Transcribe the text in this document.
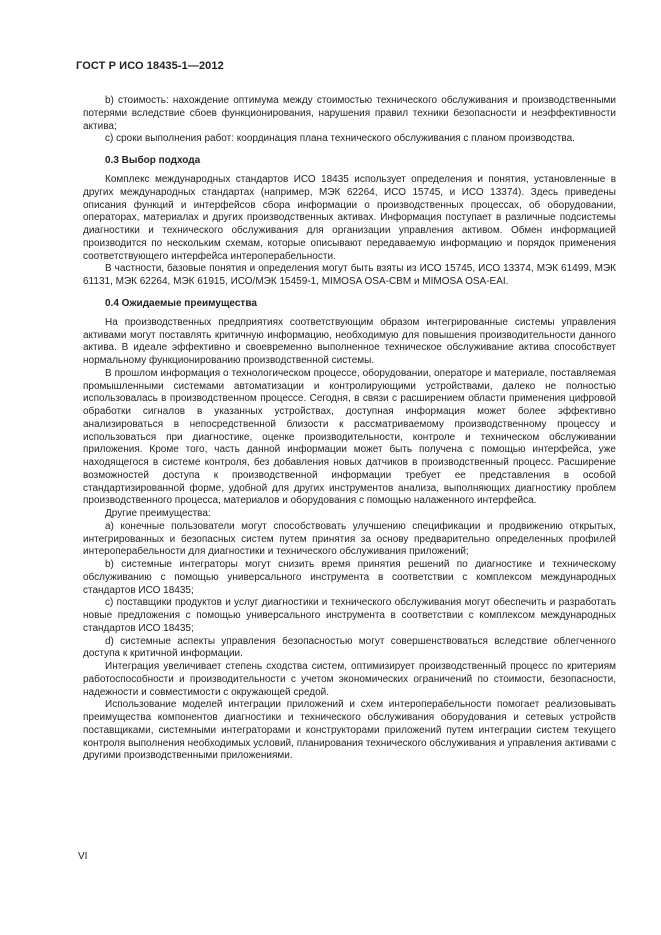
ГОСТ Р ИСО 18435-1—2012

b) стоимость: нахождение оптимума между стоимостью технического обслуживания и производственными потерями вследствие сбоев функционирования, нарушения правил техники безопасности и неэффективности актива;

c) сроки выполнения работ: координация плана технического обслуживания с планом производства.

0.3 Выбор подхода

Комплекс международных стандартов ИСО 18435 использует определения и понятия, установленные в других международных стандартах (например, МЭК 62264, ИСО 15745, и ИСО 13374). Здесь приведены описания функций и интерфейсов сбора информации о производственных процессах, об оборудовании, операторах, материалах и других производственных активах. Информация поступает в различные подсистемы диагностики и технического обслуживания для организации управления активом. Обмен информацией производится по нескольким схемам, которые описывают передаваемую информацию и порядок применения соответствующего интерфейса интероперабельности.

В частности, базовые понятия и определения могут быть взяты из ИСО 15745, ИСО 13374, МЭК 61499, МЭК 61131, МЭК 62264, МЭК 61915, ИСО/МЭК 15459-1, MIMOSA OSA-CBM и MIMOSA OSA-EAI.

0.4 Ожидаемые преимущества

На производственных предприятиях соответствующим образом интегрированные системы управления активами могут поставлять критичную информацию, необходимую для повышения производительности данного актива. В идеале эффективно и своевременно выполненное техническое обслуживание актива способствует нормальному функционированию производственной системы.

В прошлом информация о технологическом процессе, оборудовании, операторе и материале, поставляемая промышленными системами автоматизации и контролирующими устройствами, далеко не полностью использовалась в производственном процессе. Сегодня, в связи с расширением области применения цифровой обработки сигналов в указанных устройствах, доступная информация может более эффективно анализироваться в непосредственной близости к рассматриваемому производственному процессу и использоваться при диагностике, оценке производительности, контроле и техническом обслуживании приложения. Кроме того, часть данной информации может быть получена с помощью интерфейса, уже находящегося в системе контроля, без добавления новых датчиков в производственный процесс. Расширение возможностей доступа к производственной информации требует ее представления в особой стандартизированной форме, удобной для других инструментов анализа, выполняющих диагностику проблем производственного процесса, материалов и оборудования с помощью налаженного интерфейса.

Другие преимущества:

a) конечные пользователи могут способствовать улучшению спецификации и продвижению открытых, интегрированных и безопасных систем путем принятия за основу предварительно определенных профилей интероперабельности для диагностики и технического обслуживания приложений;

b) системные интеграторы могут снизить время принятия решений по диагностике и техническому обслуживанию с помощью универсального инструмента в соответствии с комплексом международных стандартов ИСО 18435;

c) поставщики продуктов и услуг диагностики и технического обслуживания могут обеспечить и разработать новые предложения с помощью универсального инструмента в соответствии с комплексом международных стандартов ИСО 18435;

d) системные аспекты управления безопасностью могут совершенствоваться вследствие облегченного доступа к критичной информации.

Интеграция увеличивает степень сходства систем, оптимизирует производственный процесс по критериям работоспособности и производительности с учетом экономических ограничений по стоимости, безопасности, надежности и совместимости с окружающей средой.

Использование моделей интеграции приложений и схем интероперабельности помогает реализовывать преимущества компонентов диагностики и технического обслуживания оборудования и сетевых устройств поставщиками, системными интеграторами и конструкторами приложений путем интеграции систем текущего контроля выполнения необходимых условий, планирования технического обслуживания и управления активами с другими производственными приложениями.

VI
